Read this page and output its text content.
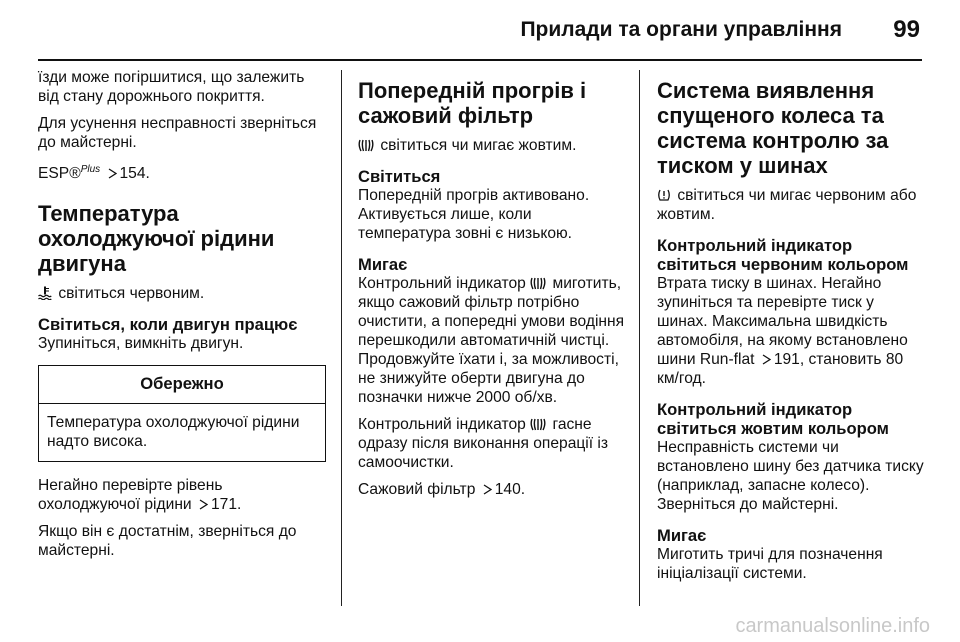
Прилади та органи управління 99

їзди може погіршитися, що залежить від стану дорожнього покриття.

Для усунення несправності зверніться до майстерні.

ESP®$^{Plus}$ 154.

Температура охолоджуючої рідини двигуна

світиться червоним.

Світиться, коли двигун працює

Зупиніться, вимкніть двигун.

Обережно
Температура охолоджуючої рідини надто висока.

Негайно перевірте рівень охолоджуючої рідини 171.

Якщо він є достатнім, зверніться до майстерні.

Попередній прогрів і сажовий фільтр

світиться чи мигає жовтим.

Світиться

Попередній прогрів активовано. Активується лише, коли температура зовні є низькою.

Мигає

Контрольний індикатор миготить, якщо сажовий фільтр потрібно очистити, а попередні умови водіння перешкодили автоматичній чистці. Продовжуйте їхати і, за можливості, не знижуйте оберти двигуна до позначки нижче 2000 об/хв.

Контрольний індикатор гасне одразу після виконання операції із самоочистки.

Сажовий фільтр 140.

Система виявлення спущеного колеса та система контролю за тиском у шинах

світиться чи мигає червоним або жовтим.

Контрольний індикатор світиться червоним кольором

Втрата тиску в шинах. Негайно зупиніться та перевірте тиск у шинах. Максимальна швидкість автомобіля, на якому встановлено шини Run-flat 191, становить 80 км/год.

Контрольний індикатор світиться жовтим кольором

Несправність системи чи встановлено шину без датчика тиску (наприклад, запасне колесо). Зверніться до майстерні.

Мигає

Миготить тричі для позначення ініціалізації системи.

carmanualsonline.info
